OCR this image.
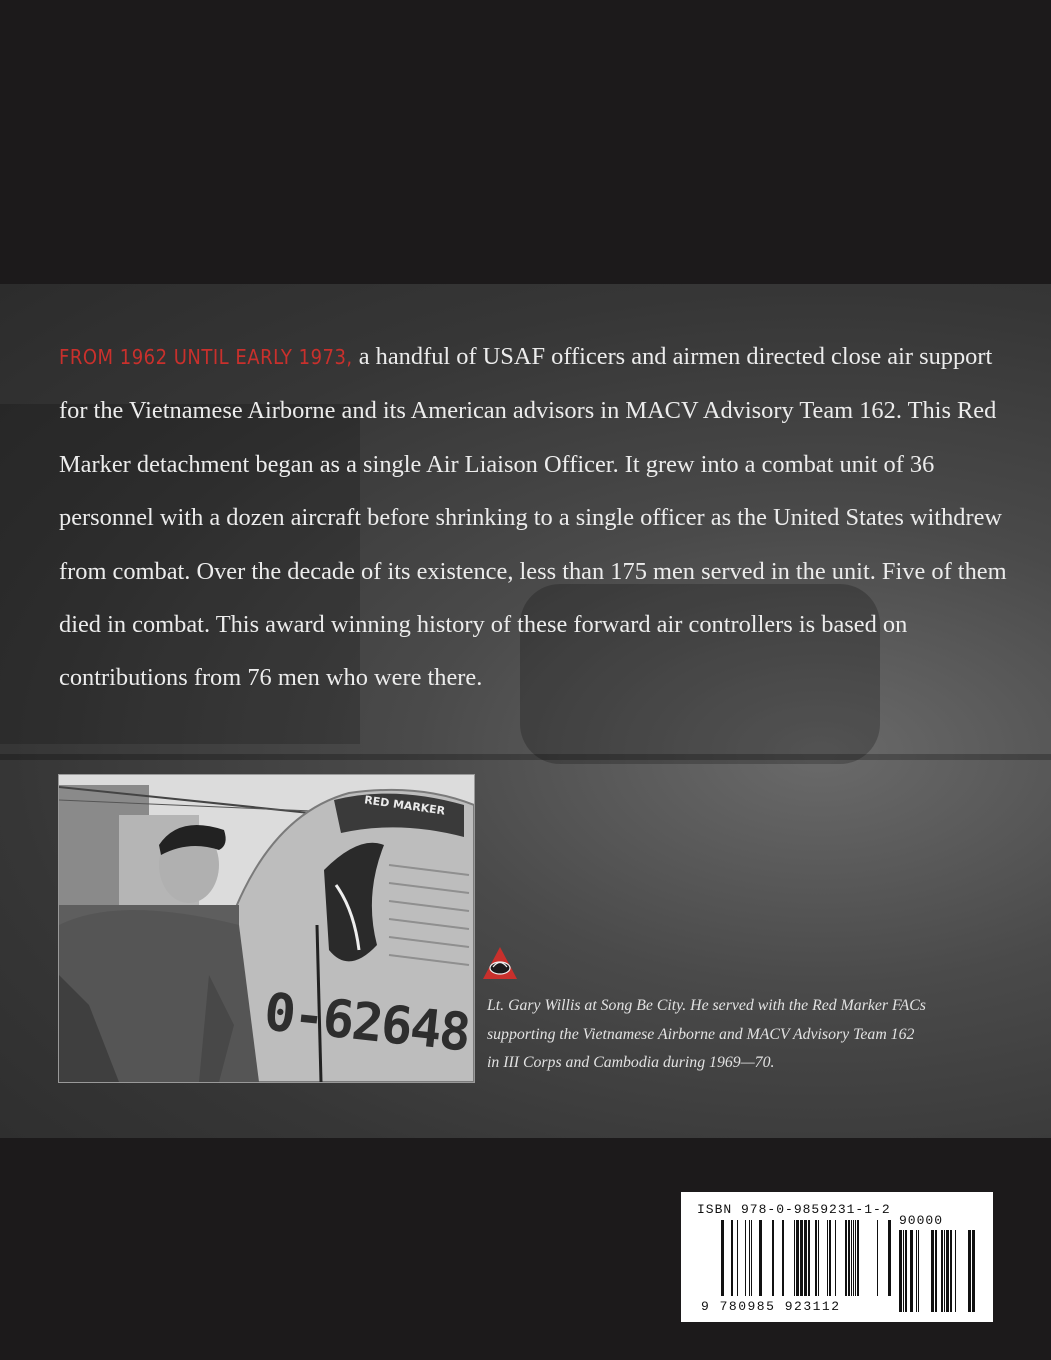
FROM 1962 UNTIL EARLY 1973, a handful of USAF officers and airmen directed close air support for the Vietnamese Airborne and its American advisors in MACV Advisory Team 162. This Red Marker detachment began as a single Air Liaison Officer. It grew into a combat unit of 36 personnel with a dozen aircraft before shrinking to a single officer as the United States withdrew from combat. Over the decade of its existence, less than 175 men served in the unit. Five of them died in combat. This award winning history of these forward air controllers is based on contributions from 76 men who were there.

RED MARKER
0-62648 Lt. Gary Willis at Song Be City. He served with the Red Marker FACs
supporting the Vietnamese Airborne and MACV Advisory Team 162
in III Corps and Cambodia during 1969—70.

ISBN 978-0-9859231-1-2
90000
9 780985 923112
